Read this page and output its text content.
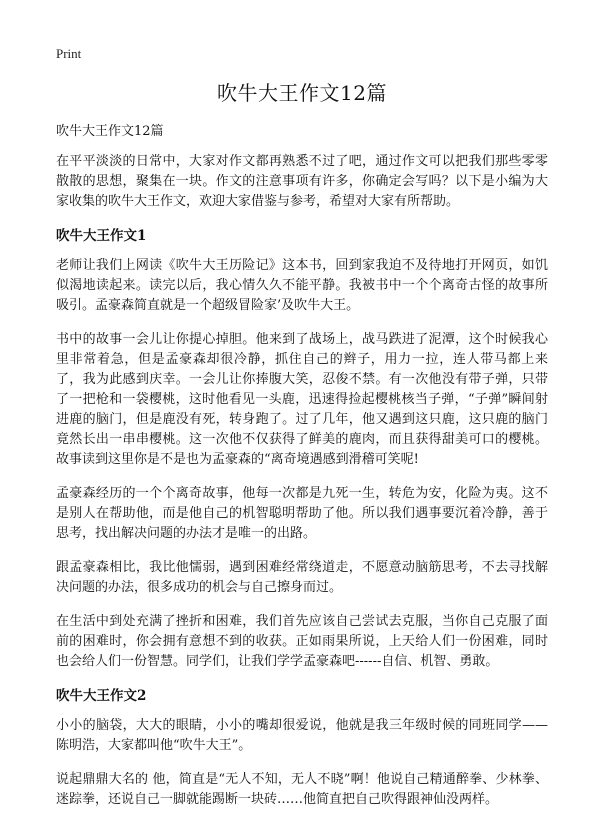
Print
吹牛大王作文12篇

吹牛大王作文12篇

在平平淡淡的日常中，大家对作文都再熟悉不过了吧，通过作文可以把我们那些零零散散的思想，聚集在一块。作文的注意事项有许多，你确定会写吗？以下是小编为大家收集的吹牛大王作文，欢迎大家借鉴与参考，希望对大家有所帮助。

吹牛大王作文1

老师让我们上网读《吹牛大王历险记》这本书，回到家我迫不及待地打开网页，如饥似渴地读起来。读完以后，我心情久久不能平静。我被书中一个个离奇古怪的故事所吸引。孟豪森简直就是一个超级冒险家’及吹牛大王。

书中的故事一会儿让你提心掉胆。他来到了战场上，战马跌进了泥潭，这个时候我心里非常着急，但是孟豪森却很冷静，抓住自己的辫子，用力一拉，连人带马都上来了，我为此感到庆幸。一会儿让你捧腹大笑，忍俊不禁。有一次他没有带子弹，只带了一把枪和一袋樱桃，这时他看见一头鹿，迅速得捡起樱桃核当子弹，“子弹”瞬间射进鹿的脑门，但是鹿没有死，转身跑了。过了几年，他又遇到这只鹿，这只鹿的脑门竟然长出一串串樱桃。这一次他不仅获得了鲜美的鹿肉，而且获得甜美可口的樱桃。故事读到这里你是不是也为孟豪森的“离奇境遇感到滑稽可笑呢!

孟豪森经历的一个个离奇故事，他每一次都是九死一生，转危为安，化险为夷。这不是别人在帮助他，而是他自己的机智聪明帮助了他。所以我们遇事要沉着冷静，善于思考，找出解决问题的办法才是唯一的出路。

跟孟豪森相比，我比他懦弱，遇到困难经常绕道走，不愿意动脑筋思考，不去寻找解决问题的办法，很多成功的机会与自己擦身而过。

在生活中到处充满了挫折和困难，我们首先应该自己尝试去克服，当你自己克服了面前的困难时，你会拥有意想不到的收获。正如雨果所说，上天给人们一份困难，同时也会给人们一份智慧。同学们，让我们学学孟豪森吧------自信、机智、勇敢。

吹牛大王作文2

小小的脑袋，大大的眼睛，小小的嘴却很爱说，他就是我三年级时候的同班同学——陈明浩，大家都叫他“吹牛大王”。

说起鼎鼎大名的 他，简直是“无人不知，无人不晓”啊！他说自己精通醉拳、少林拳、迷踪拳，还说自己一脚就能踢断一块砖……他简直把自己吹得跟神仙没两样。
